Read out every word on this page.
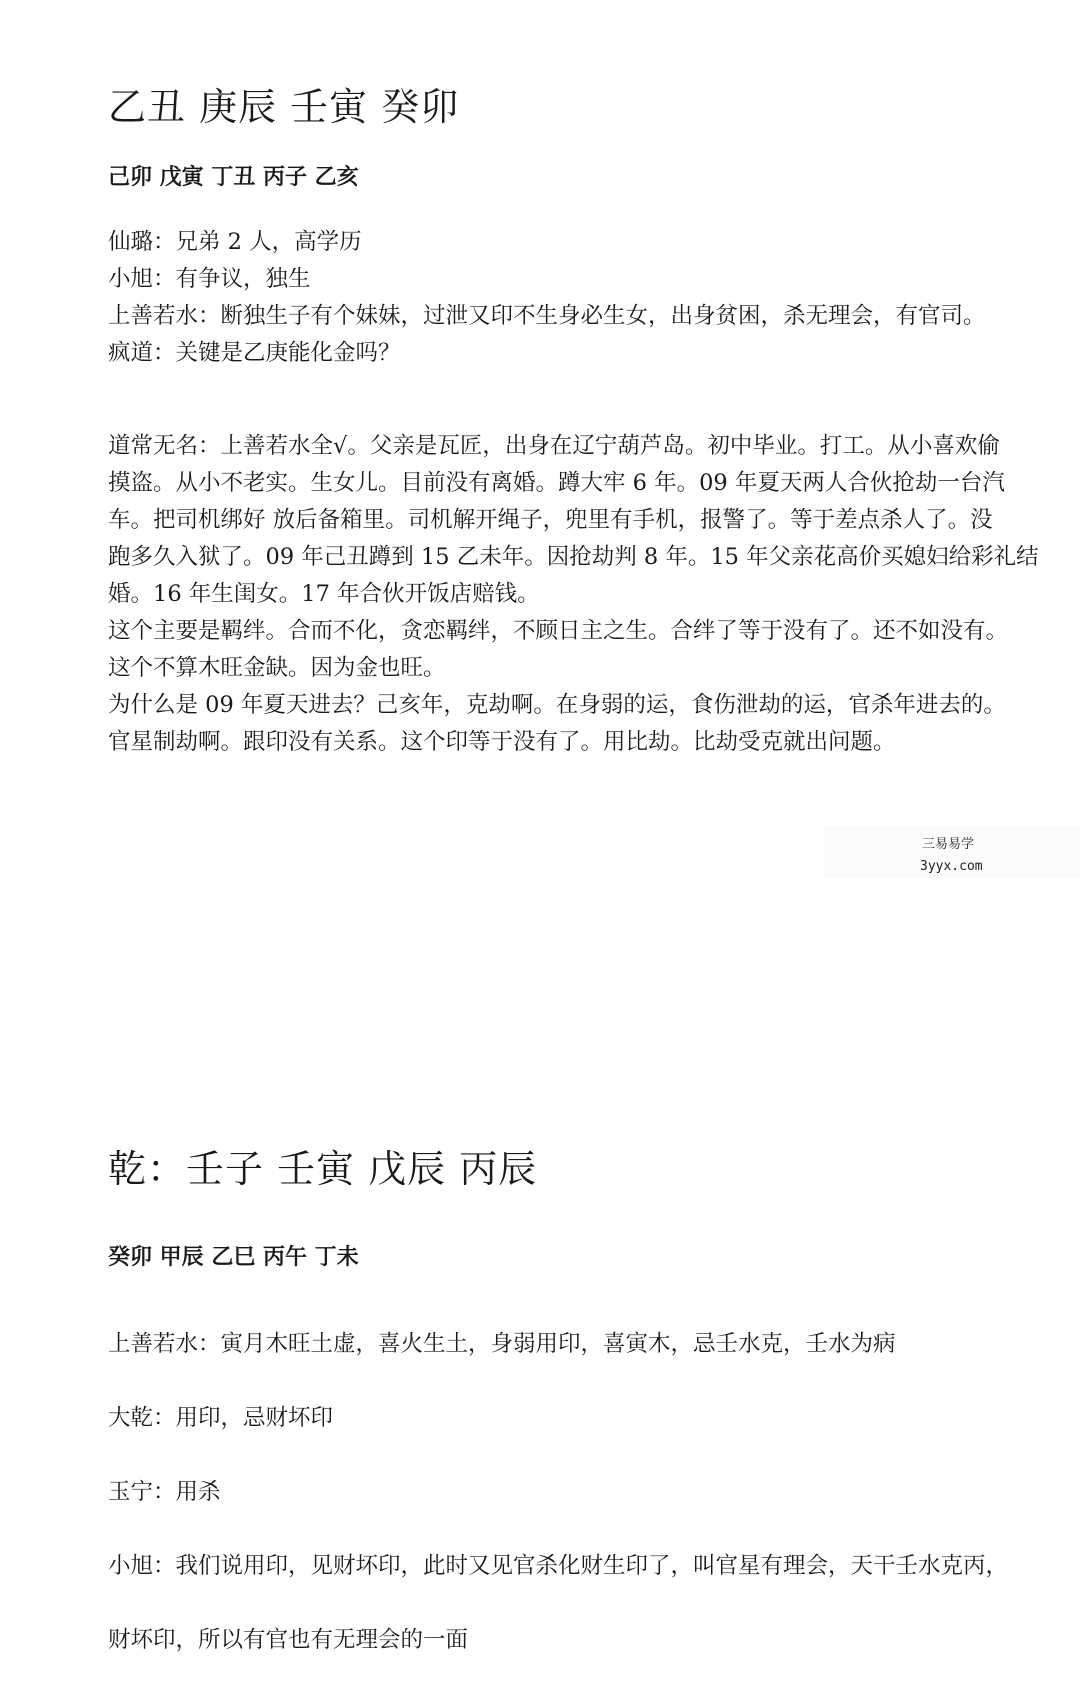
乙丑 庚辰 壬寅 癸卯
己卯 戊寅 丁丑 丙子 乙亥

仙璐：兄弟 2 人，高学历

小旭：有争议，独生

上善若水：断独生子有个妹妹，过泄又印不生身必生女，出身贫困，杀无理会，有官司。

疯道：关键是乙庚能化金吗？

道常无名：上善若水全√。父亲是瓦匠，出身在辽宁葫芦岛。初中毕业。打工。从小喜欢偷

摸盗。从小不老实。生女儿。目前没有离婚。蹲大牢 6 年。09 年夏天两人合伙抢劫一台汽

车。把司机绑好 放后备箱里。司机解开绳子，兜里有手机，报警了。等于差点杀人了。没

跑多久入狱了。09 年己丑蹲到 15 乙未年。因抢劫判 8 年。15 年父亲花高价买媳妇给彩礼结

婚。16 年生闺女。17 年合伙开饭店赔钱。

这个主要是羁绊。合而不化，贪恋羁绊，不顾日主之生。合绊了等于没有了。还不如没有。

这个不算木旺金缺。因为金也旺。

为什么是 09 年夏天进去？己亥年，克劫啊。在身弱的运，食伤泄劫的运，官杀年进去的。

官星制劫啊。跟印没有关系。这个印等于没有了。用比劫。比劫受克就出问题。

三易易学
3yyx.com
乾：壬子 壬寅 戊辰 丙辰
癸卯 甲辰 乙巳 丙午 丁未

上善若水：寅月木旺土虚，喜火生土，身弱用印，喜寅木，忌壬水克，壬水为病

大乾：用印，忌财坏印

玉宁：用杀

小旭：我们说用印，见财坏印，此时又见官杀化财生印了，叫官星有理会，天干壬水克丙，

财坏印，所以有官也有无理会的一面
